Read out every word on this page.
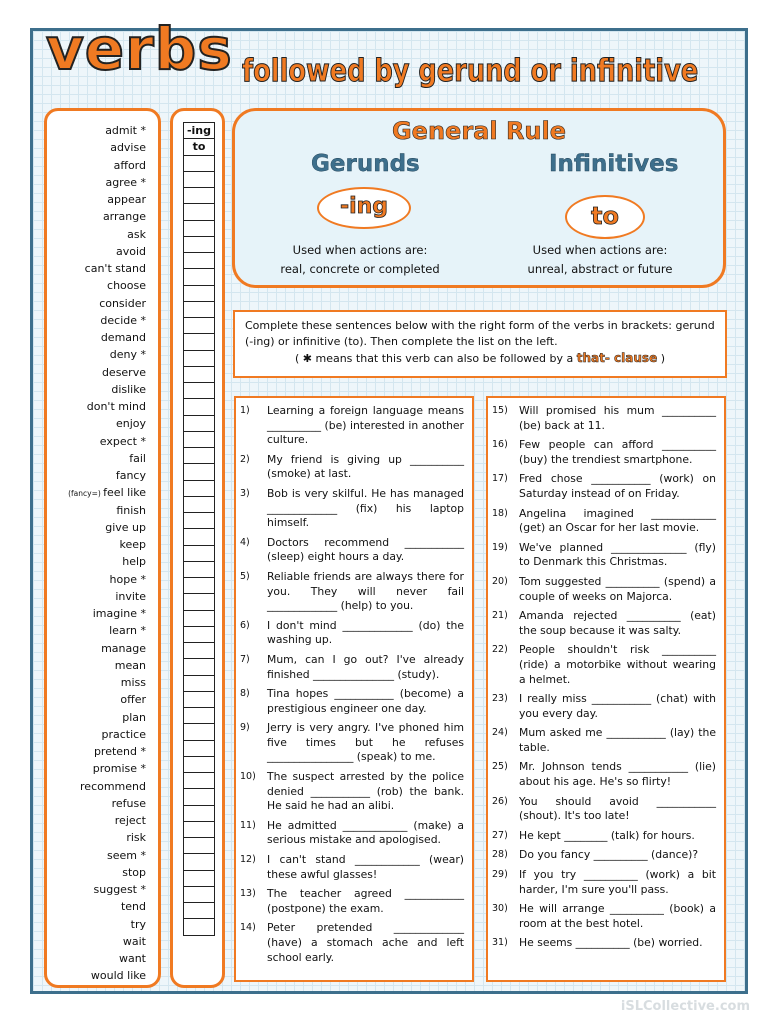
verbs followed by gerund or infinitive
admit *
advise
afford
agree *
appear
arrange
ask
avoid
can't stand
choose
consider
decide *
demand
deny *
deserve
dislike
don't mind
enjoy
expect *
fail
fancy
(fancy=) feel like
finish
give up
keep
help
hope *
invite
imagine *
learn *
manage
mean
miss
offer
plan
practice
pretend *
promise *
recommend
refuse
reject
risk
seem *
stop
suggest *
tend
try
wait
want
would like
-ing
to
General Rule
Gerunds	Infinitives
-ing	to
Used when actions are:
real, concrete or completed
Used when actions are:
unreal, abstract or future
Complete these sentences below with the right form of the verbs in brackets: gerund (-ing) or infinitive (to). Then complete the list on the left.
( ✱ means that this verb can also be followed by a that- clause )
1)	Learning a foreign language means __________ (be) interested in another culture.
2)	My friend is giving up __________ (smoke) at last.
3)	Bob is very skilful. He has managed _____________ (fix) his laptop himself.
4)	Doctors recommend ___________ (sleep) eight hours a day.
5)	Reliable friends are always there for you. They will never fail _____________ (help) to you.
6)	I don't mind _____________ (do) the washing up.
7)	Mum, can I go out? I've already finished _______________ (study).
8)	Tina hopes ___________ (become) a prestigious engineer one day.
9)	Jerry is very angry. I've phoned him five times but he refuses ________________ (speak) to me.
10)	The suspect arrested by the police denied ___________ (rob) the bank. He said he had an alibi.
11)	He admitted ____________ (make) a serious mistake and apologised.
12)	I can't stand ____________ (wear) these awful glasses!
13)	The teacher agreed ___________ (postpone) the exam.
14)	Peter pretended _____________ (have) a stomach ache and left school early.
15)	Will promised his mum __________ (be) back at 11.
16)	Few people can afford __________ (buy) the trendiest smartphone.
17)	Fred chose ___________ (work) on Saturday instead of on Friday.
18)	Angelina imagined ____________ (get) an Oscar for her last movie.
19)	We've planned ______________ (fly) to Denmark this Christmas.
20)	Tom suggested __________ (spend) a couple of weeks on Majorca.
21)	Amanda rejected __________ (eat) the soup because it was salty.
22)	People shouldn't risk __________ (ride) a motorbike without wearing a helmet.
23)	I really miss ___________ (chat) with you every day.
24)	Mum asked me ___________ (lay) the table.
25)	Mr. Johnson tends ___________ (lie) about his age. He's so flirty!
26)	You should avoid ___________ (shout). It's too late!
27)	He kept ________ (talk) for hours.
28)	Do you fancy __________ (dance)?
29)	If you try __________ (work) a bit harder, I'm sure you'll pass.
30)	He will arrange __________ (book) a room at the best hotel.
31)	He seems __________ (be) worried.
iSLCollective.com
